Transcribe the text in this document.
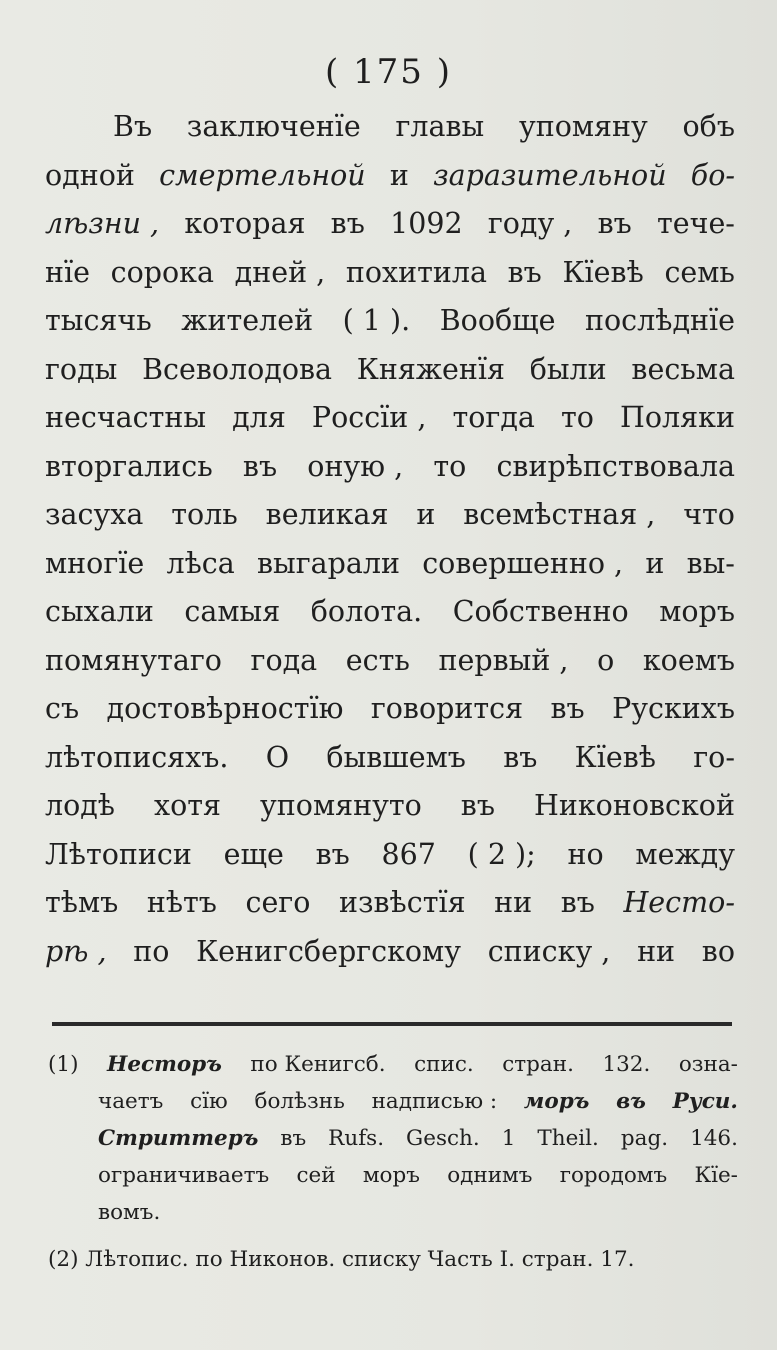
( 175 )
Въ заключенїе главы упомяну объ
одной смертельной и заразительной бо-
лѣзни , которая въ 1092 году , въ тече-
нїе сорока дней , похитила въ Кїевѣ семь
тысячь жителей ( 1 ). Вообще послѣднїе
годы Всеволодова Княженїя были весьма
несчастны для Россїи , тогда то Поляки
вторгались въ оную , то свирѣпствовала
засуха толь великая и всемѣстная , что
многїе лѣса выгарали совершенно , и вы-
сыхали самыя болота. Собственно моръ
помянутаго года есть первый , о коемъ
съ достовѣрностїю говорится въ Рускихъ
лѣтописяхъ. О бывшемъ въ Кїевѣ го-
лодѣ хотя упомянуто въ Никоновской
Лѣтописи еще въ 867 ( 2 ); но между
тѣмъ нѣтъ сего извѣстїя ни въ Несто-
рѣ , по Кенигсбергскому списку , ни во
(1) Несторъ по Кенигсб. спис. стран. 132. озна-
чаетъ сїю болѣзнь надписью : моръ въ Руси.
Стриттеръ въ Rufs. Gesch. 1 Theil. pag. 146.
ограничиваетъ сей моръ однимъ городомъ Кїе-
вомъ.
(2) Лѣтопис. по Никонов. списку Часть I. стран. 17.
